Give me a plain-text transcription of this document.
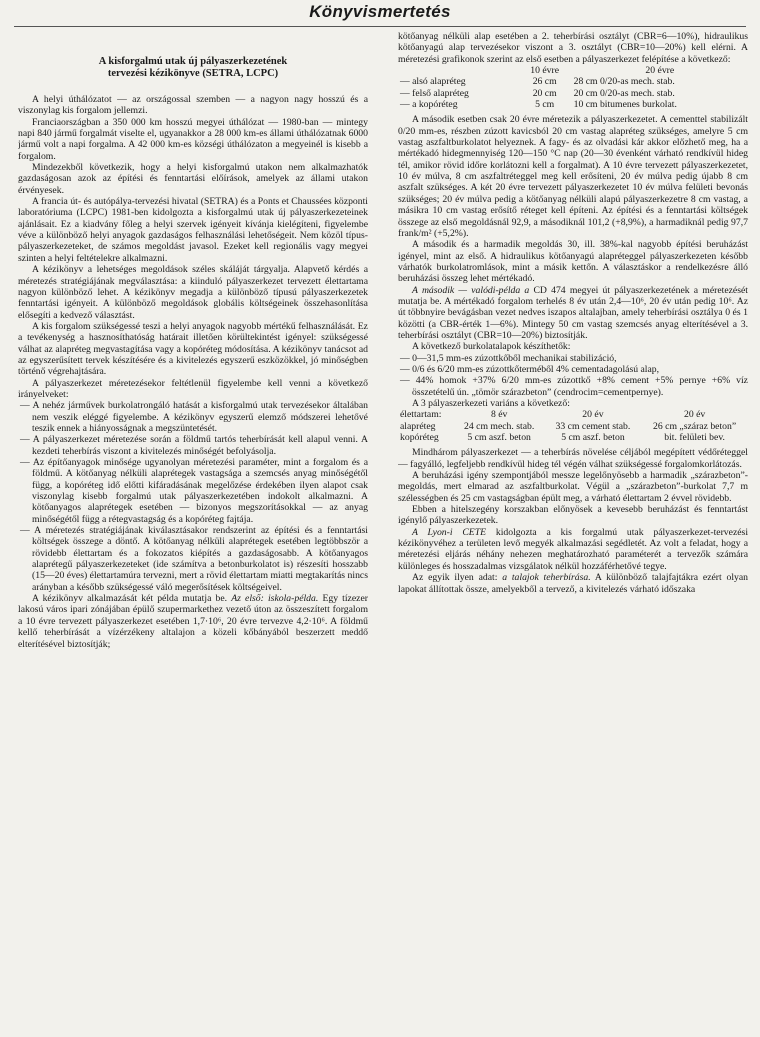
Könyvismertetés
A kisforgalmú utak új pályaszerkezetének
tervezési kézikönyve (SETRA, LCPC)

A helyi úthálózatot — az országossal szemben — a nagyon nagy hosszú és a viszonylag kis forgalom jellemzi.

Franciaországban a 350 000 km hosszú megyei úthálózat — 1980-ban — mintegy napi 840 jármű forgalmát viselte el, ugyanakkor a 28 000 km-es állami úthálózatnak 6000 jármű volt a napi forgalma. A 42 000 km-es községi úthálózaton a megyeinél is kisebb a forgalom.

Mindezekből következik, hogy a helyi kisforgalmú utakon nem alkalmazhatók gazdaságosan azok az építési és fenntartási előírások, amelyek az állami utakon érvényesek.

A francia út- és autópálya-tervezési hivatal (SETRA) és a Ponts et Chaussées központi laboratóriuma (LCPC) 1981-ben kidolgozta a kisforgalmú utak új pályaszerkezeteinek ajánlásait. Ez a kiadvány főleg a helyi szervek igényeit kívánja kielégíteni, figyelembe véve a különböző helyi anyagok gazdaságos felhasználási lehetőségeit. Nem közöl típus-pályaszerkezeteket, de számos megoldást javasol. Ezeket kell regionális vagy megyei szinten a helyi feltételekre alkalmazni.

A kézikönyv a lehetséges megoldások széles skáláját tárgyalja. Alapvető kérdés a méretezés stratégiájának megválasztása: a kiinduló pályaszerkezet tervezett élettartama nagyon különböző lehet. A kézikönyv megadja a különböző típusú pályaszerkezetek fenntartási igényeit. A különböző megoldások globális költségeinek összehasonlítása elősegíti a kedvező választást.

A kis forgalom szükségessé teszi a helyi anyagok nagyobb mértékű felhasználását. Ez a tevékenység a hasznosíthatóság határait illetően körültekintést igényel: szükségessé válhat az alapréteg megvastagítása vagy a kopóréteg módosítása. A kézikönyv tanácsot ad az egyszerűsített tervek készítésére és a kivitelezés egyszerű eszközökkel, jó minőségben történő végrehajtására.

A pályaszerkezet méretezésekor feltétlenül figyelembe kell venni a következő irányelveket:

— A nehéz járművek burkolatrongáló hatását a kisforgalmú utak tervezésekor általában nem veszik eléggé figyelembe. A kézikönyv egyszerű elemző módszerei lehetővé teszik ennek a hiányosságnak a megszüntetését.

— A pályaszerkezet méretezése során a földmű tartós teherbírását kell alapul venni. A kezdeti teherbírás viszont a kivitelezés minőségét befolyásolja.

— Az építőanyagok minősége ugyanolyan méretezési paraméter, mint a forgalom és a földmű. A kötőanyag nélküli alaprétegek vastagsága a szemcsés anyag minőségétől függ, a kopóréteg idő előtti kifáradásának megelőzése érdekében ilyen alapot csak viszonylag kisebb forgalmú utak pályaszerkezetében indokolt alkalmazni. A kötőanyagos alaprétegek esetében — bizonyos megszorításokkal — az anyag minőségétől függ a rétegvastagság és a kopóréteg fajtája.

— A méretezés stratégiájának kiválasztásakor rendszerint az építési és a fenntartási költségek összege a döntő. A kötőanyag nélküli alaprétegek esetében legtöbbször a rövidebb élettartam és a fokozatos kiépítés a gazdaságosabb. A kötőanyagos alaprétegű pályaszerkezeteket (ide számítva a betonburkolatot is) részesíti hosszabb (15—20 éves) élettartamúra tervezni, mert a rövid élettartam miatti megtakarítás nincs arányban a később szükségessé váló megerősítések költségeivel.

A kézikönyv alkalmazását két példa mutatja be. Az első: iskola-példa. Egy tízezer lakosú város ipari zónájában épülő szupermarkethez vezető úton az összeszített forgalom a 10 évre tervezett pályaszerkezet esetében 1,7·10⁶, 20 évre tervezve 4,2·10⁶. A földmű kellő teherbírását a vízérzékeny altalajon a közeli kőbányából beszerzett meddő elterítésével biztosítják;

kötőanyag nélküli alap esetében a 2. teherbírási osztályt (CBR=6—10%), hidraulikus kötőanyagú alap tervezésekor viszont a 3. osztályt (CBR=10—20%) kell elérni. A méretezési grafikonok szerint az első esetben a pályaszerkezet felépítése a következő:

	10 évre	20 évre
— alsó alapréteg	26 cm	28 cm 0/20-as mech. stab.
— felső alapréteg	20 cm	20 cm 0/20-as mech. stab.
— a kopóréteg	5 cm	10 cm bitumenes burkolat.

A második esetben csak 20 évre méretezik a pályaszerkezetet. A cementtel stabilizált 0/20 mm-es, részben zúzott kavicsból 20 cm vastag alapréteg szükséges, amelyre 5 cm vastag aszfaltburkolatot helyeznek. A fagy- és az olvadási kár akkor előzhető meg, ha a mértékadó hidegmennyiség 120—150 °C nap (20—30 évenként várható rendkívül hideg tél, amikor rövid időre korlátozni kell a forgalmat). A 10 évre tervezett pályaszerkezetet, 10 év múlva, 8 cm aszfaltréteggel meg kell erősíteni, 20 év múlva pedig újabb 8 cm aszfalt szükséges. A két 20 évre tervezett pályaszerkezetet 10 év múlva felületi bevonás szükséges; 20 év múlva pedig a kötőanyag nélküli alapú pályaszerkezetre 8 cm vastag, a másikra 10 cm vastag erősítő réteget kell építeni. Az építési és a fenntartási költségek összege az első megoldásnál 92,9, a másodiknál 101,2 (+8,9%), a harmadiknál pedig 97,7 frank/m² (+5,2%).

A második és a harmadik megoldás 30, ill. 38%-kal nagyobb építési beruházást igényel, mint az első. A hidraulikus kötőanyagú alapréteggel pályaszerkezeten később várhatók burkolatromlások, mint a másik kettőn. A választáskor a rendelkezésre álló beruházási összeg lehet mértékadó.

A második — valódi-példa a CD 474 megyei út pályaszerkezetének a méretezését mutatja be. A mértékadó forgalom terhelés 8 év után 2,4—10⁶, 20 év után pedig 10⁶. Az út többnyire bevágásban vezet nedves iszapos altalajban, amely teherbírási osztálya 0 és 1 közötti (a CBR-érték 1—6%). Mintegy 50 cm vastag szemcsés anyag elterítésével a 3. teherbírási osztályt (CBR=10—20%) biztosítják.

A következő burkolatalapok készíthetők:

— 0—31,5 mm-es zúzottkőből mechanikai stabilizáció,

— 0/6 és 6/20 mm-es zúzottkőterméből 4% cementadagolású alap,

— 44% homok +37% 6/20 mm-es zúzottkő +8% cement +5% pernye +6% víz összetételű ún. „tömör szárazbeton” (cendrocim=cementpernye).

A 3 pályaszerkezeti variáns a következő:

élettartam:	8 év	20 év	20 év
alapréteg	24 cm mech. stab.	33 cm cement stab.	26 cm „száraz beton”
kopóréteg	5 cm aszf. beton	5 cm aszf. beton	bit. felületi bev.

Mindhárom pályaszerkezet — a teherbírás növelése céljából megépített védőréteggel — fagyálló, legfeljebb rendkívül hideg tél végén válhat szükségessé forgalomkorlátozás.

A beruházási igény szempontjából messze legelőnyösebb a harmadik „szárazbeton”-megoldás, mert elmarad az aszfaltburkolat. Végül a „szárazbeton”-burkolat 7,7 m szélességben és 25 cm vastagságban épült meg, a várható élettartam 2 évvel rövidebb.

Ebben a hitelszegény korszakban előnyösek a kevesebb beruházást és fenntartást igénylő pályaszerkezetek.

A Lyon-i CETE kidolgozta a kis forgalmú utak pályaszerkezet-tervezési kézikönyvéhez a területen levő megyék alkalmazási segédletét. Az volt a feladat, hogy a méretezési eljárás néhány nehezen meghatározható paraméterét a tervezők számára különleges és hosszadalmas vizsgálatok nélkül hozzáférhetővé tegye.

Az egyik ilyen adat: a talajok teherbírása. A különböző talajfajtákra ezért olyan lapokat állítottak össze, amelyekből a tervező, a kivitelezés várható időszaka
